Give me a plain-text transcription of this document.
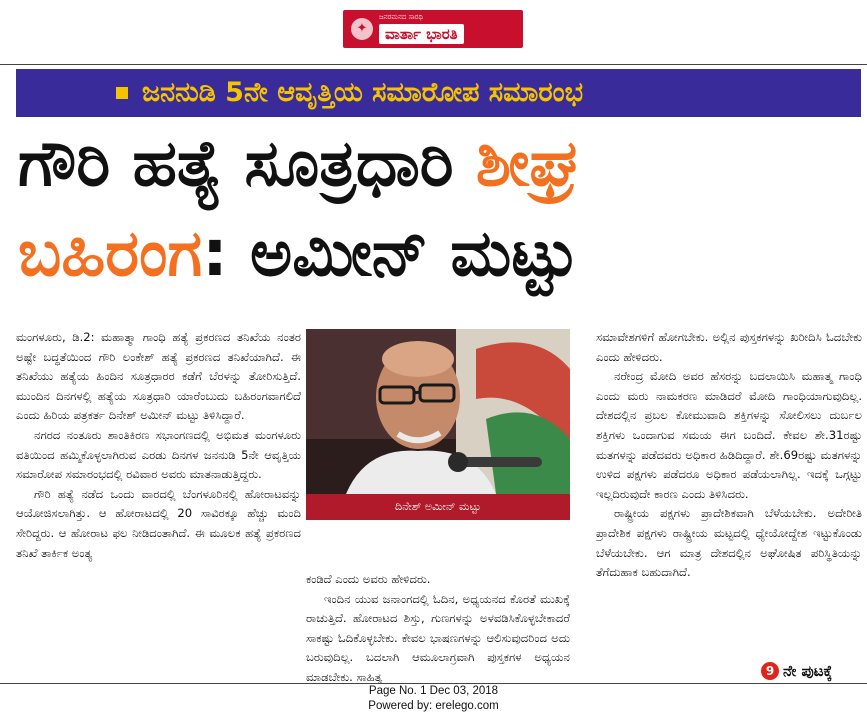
✦
ಜನರಮನದ ಸಾರಥಿ
ವಾರ್ತಾ ಭಾರತಿ
ಜನನುಡಿ 5ನೇ ಆವೃತ್ತಿಯ ಸಮಾರೋಪ ಸಮಾರಂಭ
ಗೌರಿ ಹತ್ಯೆ ಸೂತ್ರಧಾರಿ ಶೀಘ್ರ
ಬಹಿರಂಗ: ಅಮೀನ್ ಮಟ್ಟು

ಮಂಗಳೂರು, ಡಿ.2: ಮಹಾತ್ಮಾ ಗಾಂಧಿ ಹತ್ಯೆ ಪ್ರಕರಣದ ತನಿಖೆಯ ನಂತರ ಅಷ್ಟೇ ಬದ್ಧತೆಯಿಂದ ಗೌರಿ ಲಂಕೇಶ್ ಹತ್ಯೆ ಪ್ರಕರಣದ ತನಿಖೆಯಾಗಿದೆ. ಈ ತನಿಖೆಯು ಹತ್ಯೆಯ ಹಿಂದಿನ ಸೂತ್ರಧಾರರ ಕಡೆಗೆ ಬೆರಳನ್ನು ತೋರಿಸುತ್ತಿದೆ. ಮುಂದಿನ ದಿನಗಳಲ್ಲಿ ಹತ್ಯೆಯ ಸೂತ್ರಧಾರಿ ಯಾರೆಂಬುದು ಬಹಿರಂಗವಾಗಲಿದೆ ಎಂದು ಹಿರಿಯ ಪತ್ರಕರ್ತ ದಿನೇಶ್ ಅಮೀನ್ ಮಟ್ಟು ತಿಳಿಸಿದ್ದಾರೆ.

ನಗರದ ನಂತೂರು ಶಾಂತಿಕಿರಣ ಸಭಾಂಗಣದಲ್ಲಿ ಅಭಿಮತ ಮಂಗಳೂರು ವತಿಯಿಂದ ಹಮ್ಮಿಕೊಳ್ಳಲಾಗಿರುವ ಎರಡು ದಿನಗಳ ಜನನುಡಿ 5ನೇ ಆವೃತ್ತಿಯ ಸಮಾರೋಪ ಸಮಾರಂಭದಲ್ಲಿ ರವಿವಾರ ಅವರು ಮಾತನಾಡುತ್ತಿದ್ದರು.

ಗೌರಿ ಹತ್ಯೆ ನಡೆದ ಒಂದು ವಾರದಲ್ಲಿ ಬೆಂಗಳೂರಿನಲ್ಲಿ ಹೋರಾಟವನ್ನು ಆಯೋಜಿಸಲಾಗಿತ್ತು. ಆ ಹೋರಾಟದಲ್ಲಿ 20 ಸಾವಿರಕ್ಕೂ ಹೆಚ್ಚು ಮಂದಿ ಸೇರಿದ್ದರು. ಆ ಹೋರಾಟ ಫಲ ನೀಡಿದಂತಾಗಿದೆ. ಈ ಮೂಲಕ ಹತ್ಯೆ ಪ್ರಕರಣದ ತನಿಖೆ ತಾರ್ಕಿಕ ಅಂತ್ಯ

ದಿನೇಶ್ ಅಮೀನ್ ಮಟ್ಟು

ಕಂಡಿದೆ ಎಂದು ಅವರು ಹೇಳಿದರು.

ಇಂದಿನ ಯುವ ಜನಾಂಗದಲ್ಲಿ ಓದಿನ, ಅಧ್ಯಯನದ ಕೊರತೆ ಮುಖಕ್ಕೆ ರಾಚುತ್ತಿದೆ. ಹೋರಾಟದ ಶಿಸ್ತು, ಗುಣಗಳನ್ನು ಅಳವಡಿಸಿಕೊಳ್ಳಬೇಕಾದರೆ ಸಾಕಷ್ಟು ಓದಿಕೊಳ್ಳಬೇಕು. ಕೇವಲ ಭಾಷಣಗಳನ್ನು ಆಲಿಸುವುದರಿಂದ ಅದು ಬರುವುದಿಲ್ಲ. ಬದಲಾಗಿ ಆಮೂಲಾಗ್ರವಾಗಿ ಪುಸ್ತಕಗಳ ಅಧ್ಯಯನ ಮಾಡಬೇಕು. ಸಾಹಿತ್ಯ

ಸಮಾವೇಶಗಳಿಗೆ ಹೋಗಬೇಕು. ಅಲ್ಲಿನ ಪುಸ್ತಕಗಳನ್ನು ಖರೀದಿಸಿ ಓದಬೇಕು ಎಂದು ಹೇಳಿದರು.

ನರೇಂದ್ರ ಮೋದಿ ಅವರ ಹೆಸರನ್ನು ಬದಲಾಯಿಸಿ ಮಹಾತ್ಮ ಗಾಂಧಿ ಎಂದು ಮರು ನಾಮಕರಣ ಮಾಡಿದರೆ ಮೋದಿ ಗಾಂಧಿಯಾಗುವುದಿಲ್ಲ. ದೇಶದಲ್ಲಿನ ಪ್ರಬಲ ಕೋಮುವಾದಿ ಶಕ್ತಿಗಳನ್ನು ಸೋಲಿಸಲು ದುರ್ಬಲ ಶಕ್ತಿಗಳು ಒಂದಾಗುವ ಸಮಯ ಈಗ ಬಂದಿದೆ. ಕೇವಲ ಶೇ.31ರಷ್ಟು ಮತಗಳನ್ನು ಪಡೆದವರು ಅಧಿಕಾರ ಹಿಡಿದಿದ್ದಾರೆ. ಶೇ.69ರಷ್ಟು ಮತಗಳನ್ನು ಉಳಿದ ಪಕ್ಷಗಳು ಪಡೆದರೂ ಅಧಿಕಾರ ಪಡೆಯಲಾಗಿಲ್ಲ. ಇದಕ್ಕೆ ಒಗ್ಗಟ್ಟು ಇಲ್ಲದಿರುವುದೇ ಕಾರಣ ಎಂದು ತಿಳಿಸಿದರು.

ರಾಷ್ಟ್ರೀಯ ಪಕ್ಷಗಳು ಪ್ರಾದೇಶಿಕವಾಗಿ ಬೆಳೆಯಬೇಕು. ಅದೇರೀತಿ ಪ್ರಾದೇಶಿಕ ಪಕ್ಷಗಳು ರಾಷ್ಟ್ರೀಯ ಮಟ್ಟದಲ್ಲಿ ಧ್ಯೇಯೋದ್ದೇಶ ಇಟ್ಟುಕೊಂಡು ಬೆಳೆಯಬೇಕು. ಆಗ ಮಾತ್ರ ದೇಶದಲ್ಲಿನ ಅಘೋಷಿತ ಪರಿಸ್ಥಿತಿಯನ್ನು ತೆಗೆದುಹಾಕ ಬಹುದಾಗಿದೆ.

9 ನೇ ಪುಟಕ್ಕೆ
Page No. 1 Dec 03, 2018
Powered by: erelego.com
